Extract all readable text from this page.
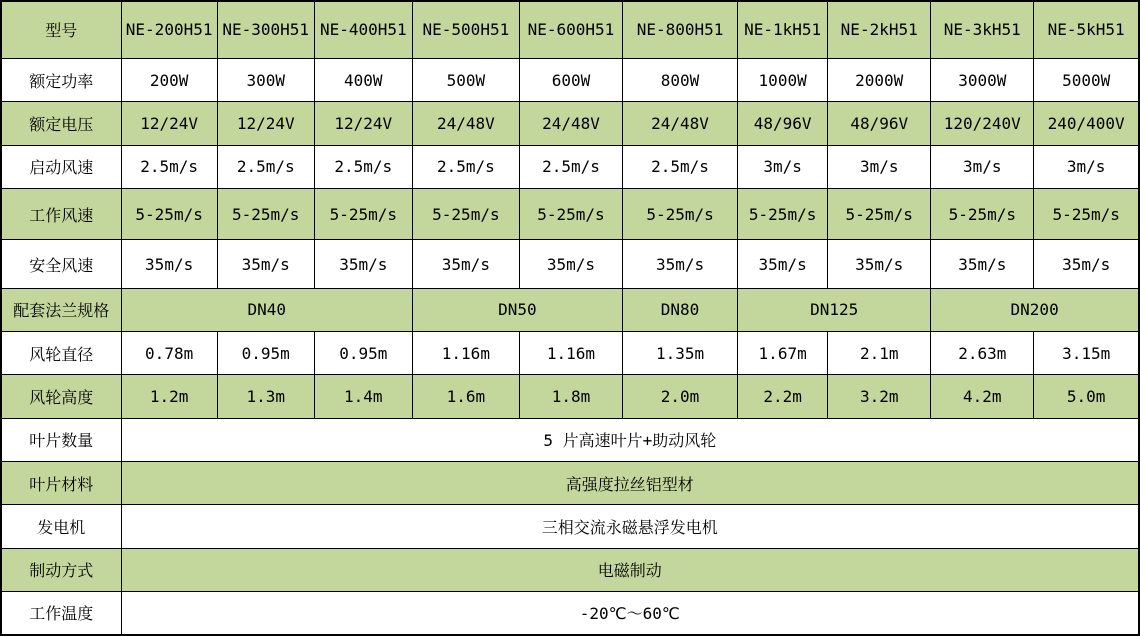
型号	NE-200H51	NE-300H51	NE-400H51	NE-500H51	NE-600H51	NE-800H51	NE-1kH51	NE-2kH51	NE-3kH51	NE-5kH51
额定功率	200W	300W	400W	500W	600W	800W	1000W	2000W	3000W	5000W
额定电压	12/24V	12/24V	12/24V	24/48V	24/48V	24/48V	48/96V	48/96V	120/240V	240/400V
启动风速	2.5m/s	2.5m/s	2.5m/s	2.5m/s	2.5m/s	2.5m/s	3m/s	3m/s	3m/s	3m/s
工作风速	5-25m/s	5-25m/s	5-25m/s	5-25m/s	5-25m/s	5-25m/s	5-25m/s	5-25m/s	5-25m/s	5-25m/s
安全风速	35m/s	35m/s	35m/s	35m/s	35m/s	35m/s	35m/s	35m/s	35m/s	35m/s
配套法兰规格	DN40			DN50		DN80	DN125		DN200	
风轮直径	0.78m	0.95m	0.95m	1.16m	1.16m	1.35m	1.67m	2.1m	2.63m	3.15m
风轮高度	1.2m	1.3m	1.4m	1.6m	1.8m	2.0m	2.2m	3.2m	4.2m	5.0m
叶片数量	5 片高速叶片+助动风轮									
叶片材料	高强度拉丝铝型材									
发电机	三相交流永磁悬浮发电机									
制动方式	电磁制动									
工作温度	-20℃～60℃									
